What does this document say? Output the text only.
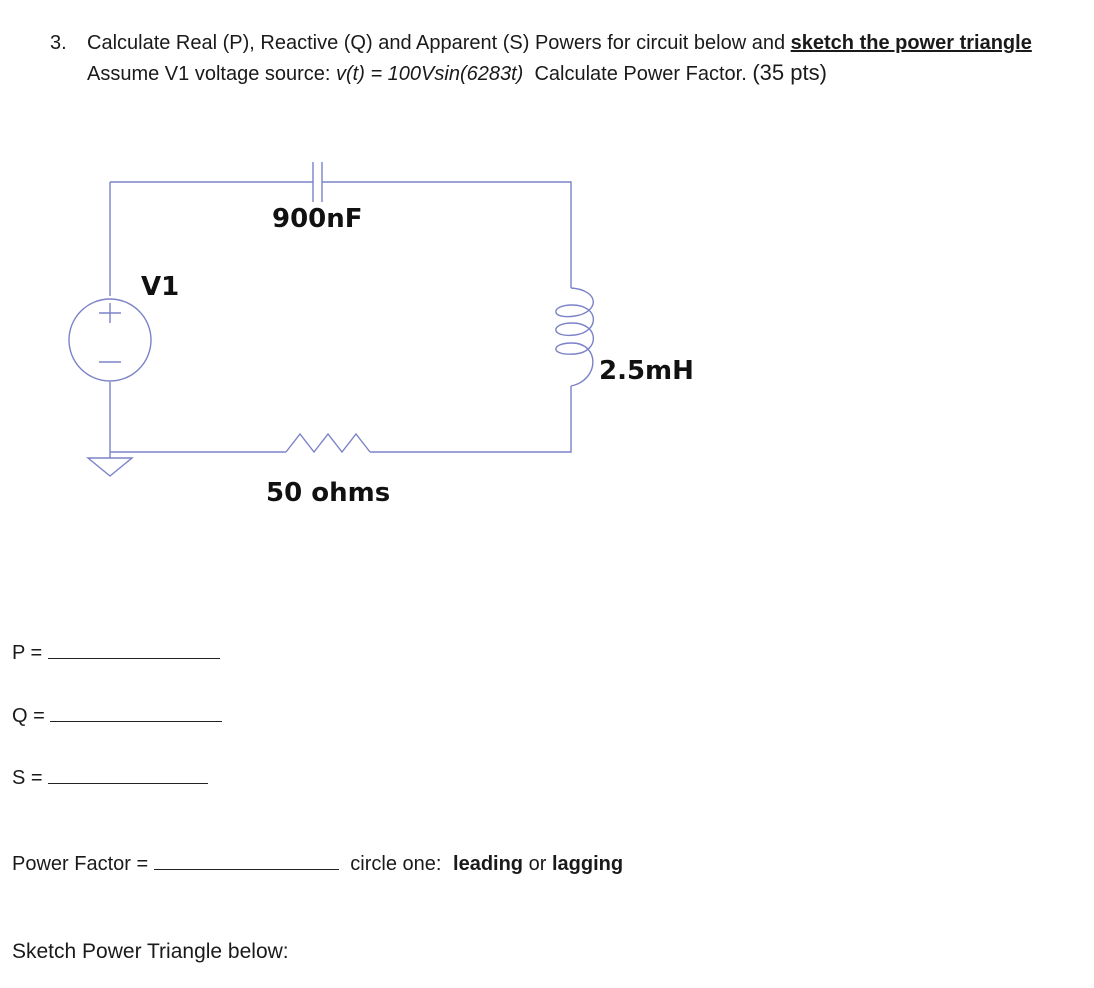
3. Calculate Real (P), Reactive (Q) and Apparent (S) Powers for circuit below and sketch the power triangle
Assume V1 voltage source: v(t) = 100Vsin(6283t)  Calculate Power Factor. (35 pts)
900nF
V1
2.5mH
50 ohms
P =
Q =
S =
Power Factor =	circle one: leading or lagging
Sketch Power Triangle below:
